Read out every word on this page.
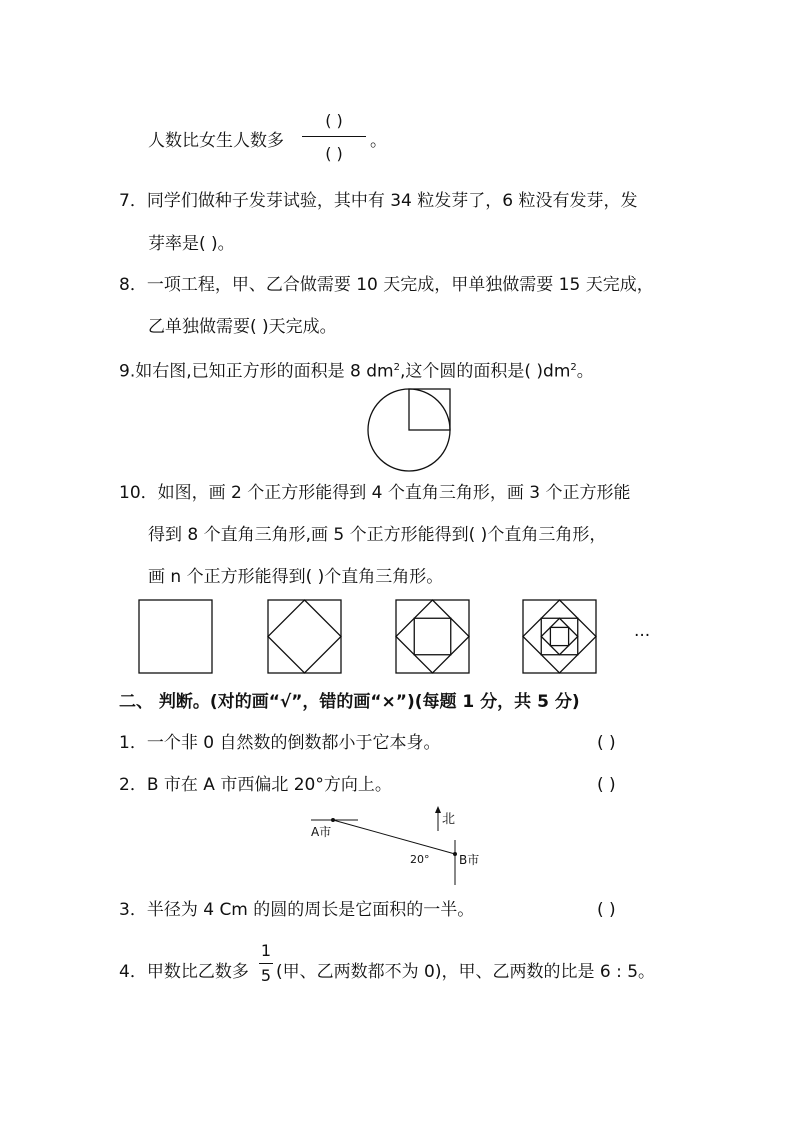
人数比女生人数多
( )
( )
。
7．同学们做种子发芽试验，其中有 34 粒发芽了，6 粒没有发芽，发
芽率是( )。
8．一项工程，甲、乙合做需要 10 天完成，甲单独做需要 15 天完成，
乙单独做需要( )天完成。
9.如右图,已知正方形的面积是 8 $dm^2$,这个圆的面积是( )$dm^2$。
10．如图，画 2 个正方形能得到 4 个直角三角形，画 3 个正方形能
得到 8 个直角三角形,画 5 个正方形能得到( )个直角三角形，
画 n 个正方形能得到( )个直角三角形。
···
二、 判断。(对的画“√”，错的画“×”)(每题 1 分，共 5 分)
1．一个非 0 自然数的倒数都小于它本身。	( )
2．B 市在 A 市西偏北 20°方向上。	( )
A市
B市
北
20°
3．半径为 4 Cm 的圆的周长是它面积的一半。	( )
4．甲数比乙数多
1
5 (甲、乙两数都不为 0)，甲、乙两数的比是 6 : 5。
